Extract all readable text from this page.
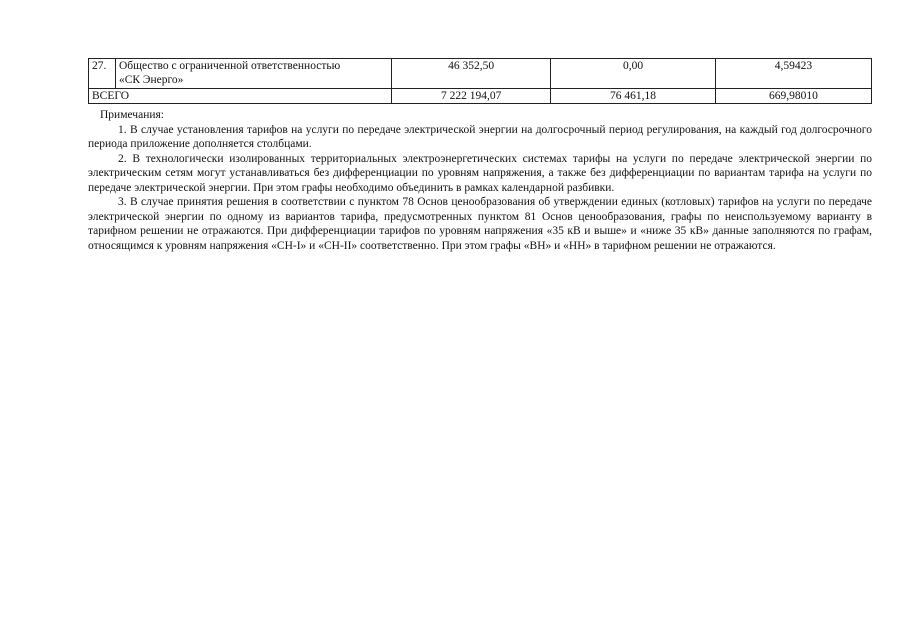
27.	Общество с ограниченной ответственностью
«СК Энерго»	46 352,50	0,00	4,59423
ВСЕГО		7 222 194,07	76 461,18	669,98010
Примечания:

1. В случае установления тарифов на услуги по передаче электрической энергии на долгосрочный период регулирования, на каждый год долгосрочного периода приложение дополняется столбцами.

2. В технологически изолированных территориальных электроэнергетических системах тарифы на услуги по передаче электрической энергии по электрическим сетям могут устанавливаться без дифференциации по уровням напряжения, а также без дифференциации по вариантам тарифа на услуги по передаче электрической энергии. При этом графы необходимо объединить в рамках календарной разбивки.

3. В случае принятия решения в соответствии с пунктом 78 Основ ценообразования об утверждении единых (котловых) тарифов на услуги по передаче электрической энергии по одному из вариантов тарифа, предусмотренных пунктом 81 Основ ценообразования, графы по неиспользуемому варианту в тарифном решении не отражаются. При дифференциации тарифов по уровням напряжения «35 кВ и выше» и «ниже 35 кВ» данные заполняются по графам, относящимся к уровням напряжения «СН-I» и «СН-II» соответственно. При этом графы «ВН» и «НН» в тарифном решении не отражаются.
